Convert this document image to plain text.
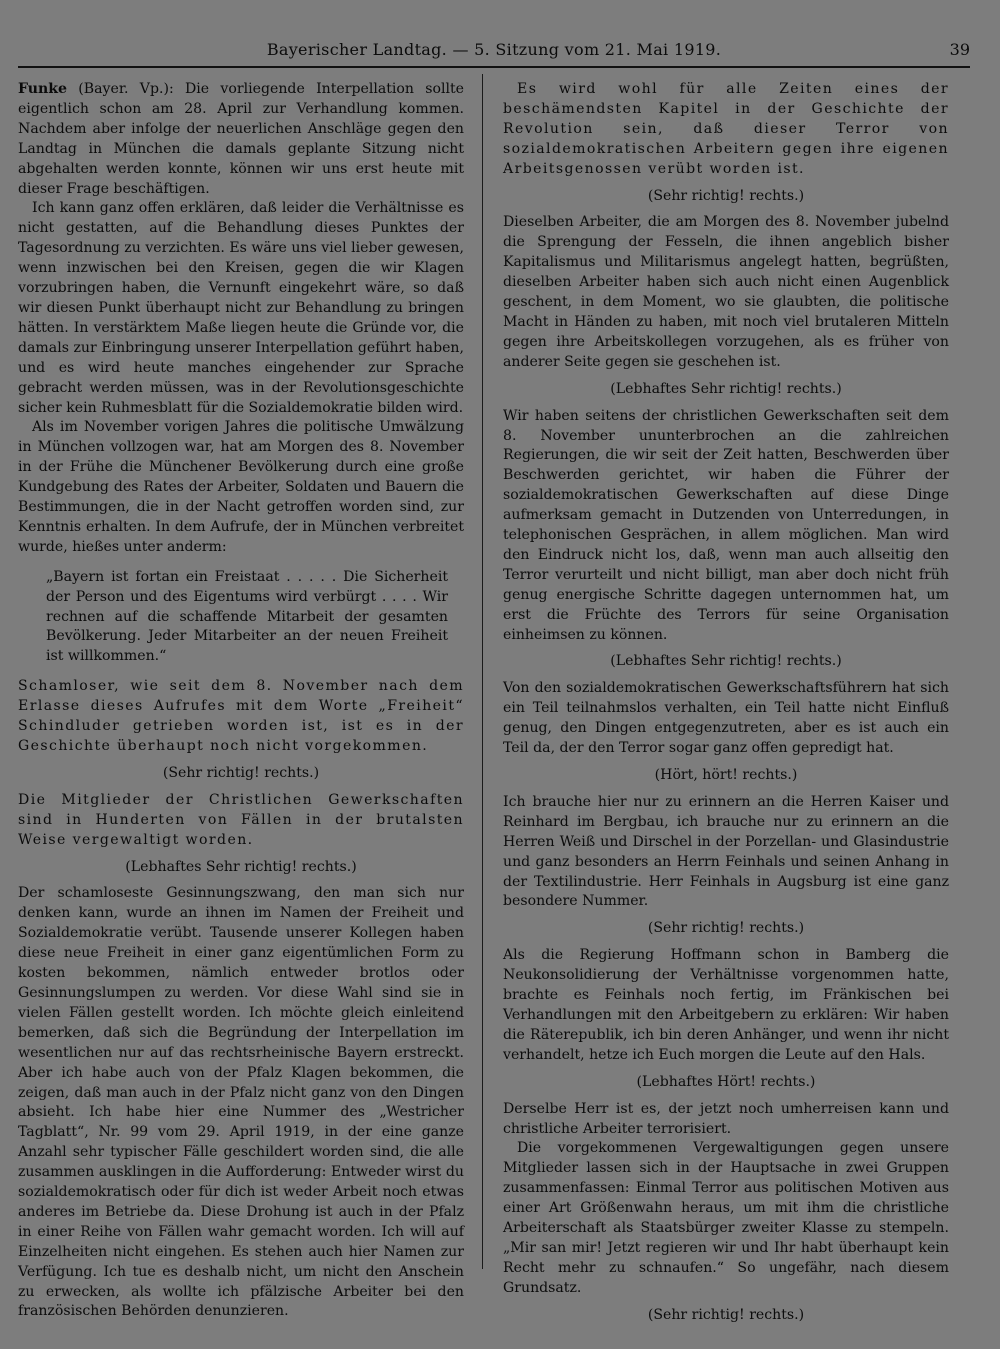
Bayerischer Landtag. — 5. Sitzung vom 21. Mai 1919.	39

Funke (Bayer. Vp.): Die vorliegende Interpellation sollte eigentlich schon am 28. April zur Verhandlung kommen. Nachdem aber infolge der neuerlichen Anschläge gegen den Landtag in München die damals geplante Sitzung nicht abgehalten werden konnte, können wir uns erst heute mit dieser Frage beschäftigen.

Ich kann ganz offen erklären, daß leider die Verhältnisse es nicht gestatten, auf die Behandlung dieses Punktes der Tagesordnung zu verzichten. Es wäre uns viel lieber gewesen, wenn inzwischen bei den Kreisen, gegen die wir Klagen vorzubringen haben, die Vernunft eingekehrt wäre, so daß wir diesen Punkt überhaupt nicht zur Behandlung zu bringen hätten. In verstärktem Maße liegen heute die Gründe vor, die damals zur Einbringung unserer Interpellation geführt haben, und es wird heute manches eingehender zur Sprache gebracht werden müssen, was in der Revolutionsgeschichte sicher kein Ruhmesblatt für die Sozialdemokratie bilden wird.

Als im November vorigen Jahres die politische Umwälzung in München vollzogen war, hat am Morgen des 8. November in der Frühe die Münchener Bevölkerung durch eine große Kundgebung des Rates der Arbeiter, Soldaten und Bauern die Bestimmungen, die in der Nacht getroffen worden sind, zur Kenntnis erhalten. In dem Aufrufe, der in München verbreitet wurde, hießes unter anderm:

„Bayern ist fortan ein Freistaat . . . . . Die Sicherheit der Person und des Eigentums wird verbürgt . . . . Wir rechnen auf die schaffende Mitarbeit der gesamten Bevölkerung. Jeder Mitarbeiter an der neuen Freiheit ist willkommen.“

Schamloser, wie seit dem 8. November nach dem Erlasse dieses Aufrufes mit dem Worte „Freiheit“ Schindluder getrieben worden ist, ist es in der Geschichte überhaupt noch nicht vorgekommen.

(Sehr richtig! rechts.)

Die Mitglieder der Christlichen Gewerkschaften sind in Hunderten von Fällen in der brutalsten Weise vergewaltigt worden.

(Lebhaftes Sehr richtig! rechts.)

Der schamloseste Gesinnungszwang, den man sich nur denken kann, wurde an ihnen im Namen der Freiheit und Sozialdemokratie verübt. Tausende unserer Kollegen haben diese neue Freiheit in einer ganz eigentümlichen Form zu kosten bekommen, nämlich entweder brotlos oder Gesinnungslumpen zu werden. Vor diese Wahl sind sie in vielen Fällen gestellt worden. Ich möchte gleich einleitend bemerken, daß sich die Begründung der Interpellation im wesentlichen nur auf das rechtsrheinische Bayern erstreckt. Aber ich habe auch von der Pfalz Klagen bekommen, die zeigen, daß man auch in der Pfalz nicht ganz von den Dingen absieht. Ich habe hier eine Nummer des „Westricher Tagblatt“, Nr. 99 vom 29. April 1919, in der eine ganze Anzahl sehr typischer Fälle geschildert worden sind, die alle zusammen ausklingen in die Aufforderung: Entweder wirst du sozialdemokratisch oder für dich ist weder Arbeit noch etwas anderes im Betriebe da. Diese Drohung ist auch in der Pfalz in einer Reihe von Fällen wahr gemacht worden. Ich will auf Einzelheiten nicht eingehen. Es stehen auch hier Namen zur Verfügung. Ich tue es deshalb nicht, um nicht den Anschein zu erwecken, als wollte ich pfälzische Arbeiter bei den französischen Behörden denunzieren.

Es wird wohl für alle Zeiten eines der beschämendsten Kapitel in der Geschichte der Revolution sein, daß dieser Terror von sozialdemokratischen Arbeitern gegen ihre eigenen Arbeitsgenossen verübt worden ist.

(Sehr richtig! rechts.)

Dieselben Arbeiter, die am Morgen des 8. November jubelnd die Sprengung der Fesseln, die ihnen angeblich bisher Kapitalismus und Militarismus angelegt hatten, begrüßten, dieselben Arbeiter haben sich auch nicht einen Augenblick geschent, in dem Moment, wo sie glaubten, die politische Macht in Händen zu haben, mit noch viel brutaleren Mitteln gegen ihre Arbeitskollegen vorzugehen, als es früher von anderer Seite gegen sie geschehen ist.

(Lebhaftes Sehr richtig! rechts.)

Wir haben seitens der christlichen Gewerkschaften seit dem 8. November ununterbrochen an die zahlreichen Regierungen, die wir seit der Zeit hatten, Beschwerden über Beschwerden gerichtet, wir haben die Führer der sozialdemokratischen Gewerkschaften auf diese Dinge aufmerksam gemacht in Dutzenden von Unterredungen, in telephonischen Gesprächen, in allem möglichen. Man wird den Eindruck nicht los, daß, wenn man auch allseitig den Terror verurteilt und nicht billigt, man aber doch nicht früh genug energische Schritte dagegen unternommen hat, um erst die Früchte des Terrors für seine Organisation einheimsen zu können.

(Lebhaftes Sehr richtig! rechts.)

Von den sozialdemokratischen Gewerkschaftsführern hat sich ein Teil teilnahmslos verhalten, ein Teil hatte nicht Einfluß genug, den Dingen entgegenzutreten, aber es ist auch ein Teil da, der den Terror sogar ganz offen gepredigt hat.

(Hört, hört! rechts.)

Ich brauche hier nur zu erinnern an die Herren Kaiser und Reinhard im Bergbau, ich brauche nur zu erinnern an die Herren Weiß und Dirschel in der Porzellan- und Glasindustrie und ganz besonders an Herrn Feinhals und seinen Anhang in der Textilindustrie. Herr Feinhals in Augsburg ist eine ganz besondere Nummer.

(Sehr richtig! rechts.)

Als die Regierung Hoffmann schon in Bamberg die Neukonsolidierung der Verhältnisse vorgenommen hatte, brachte es Feinhals noch fertig, im Fränkischen bei Verhandlungen mit den Arbeitgebern zu erklären: Wir haben die Räterepublik, ich bin deren Anhänger, und wenn ihr nicht verhandelt, hetze ich Euch morgen die Leute auf den Hals.

(Lebhaftes Hört! rechts.)

Derselbe Herr ist es, der jetzt noch umherreisen kann und christliche Arbeiter terrorisiert.

Die vorgekommenen Vergewaltigungen gegen unsere Mitglieder lassen sich in der Hauptsache in zwei Gruppen zusammenfassen: Einmal Terror aus politischen Motiven aus einer Art Größenwahn heraus, um mit ihm die christliche Arbeiterschaft als Staatsbürger zweiter Klasse zu stempeln. „Mir san mir! Jetzt regieren wir und Ihr habt überhaupt kein Recht mehr zu schnaufen.“ So ungefähr, nach diesem Grundsatz.

(Sehr richtig! rechts.)
